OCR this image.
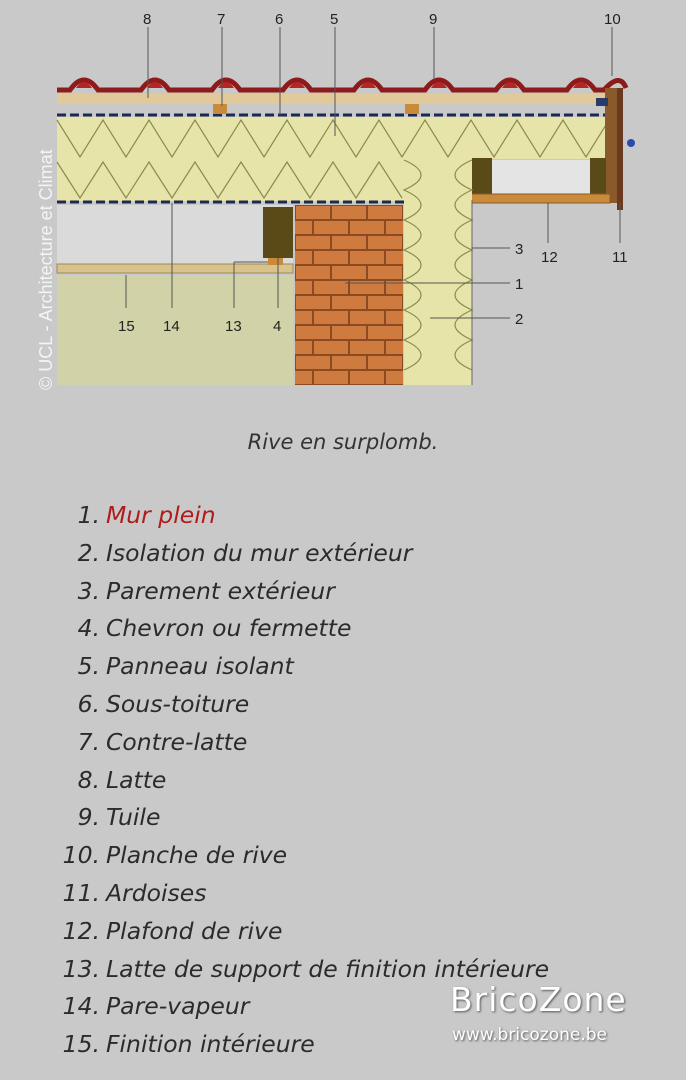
© UCL - Architecture et Climat
8	7	6	5	9	10
3 12	11
1
2
15 14	13 4
Rive en surplomb.
1. Mur plein
2. Isolation du mur extérieur
3. Parement extérieur
4. Chevron ou fermette
5. Panneau isolant
6. Sous-toiture
7. Contre-latte
8. Latte
9. Tuile
10. Planche de rive
11. Ardoises
12. Plafond de rive
13. Latte de support de finition intérieure
14. Pare-vapeur
15. Finition intérieure
BricoZone
www.bricozone.be
